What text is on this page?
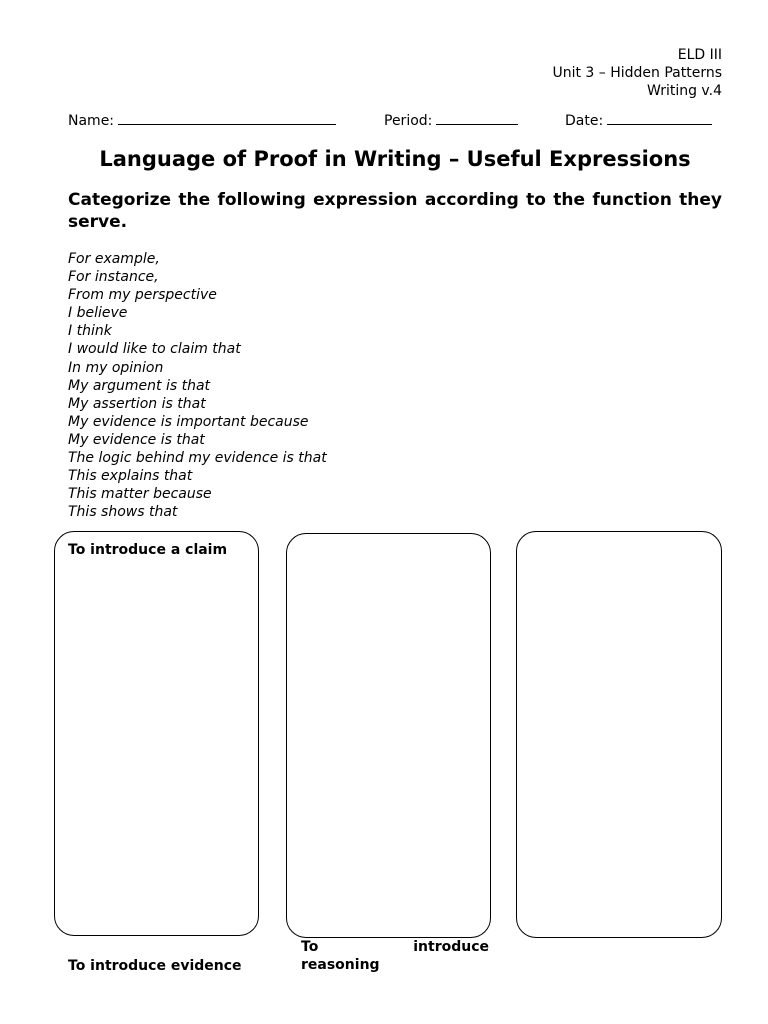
ELD III
Unit 3 – Hidden Patterns
Writing v.4
Name:	Period:	Date:
Language of Proof in Writing – Useful Expressions
Categorize the following expression according to the function they serve.
For example,
For instance,
From my perspective
I believe
I think
I would like to claim that
In my opinion
My argument is that
My assertion is that
My evidence is important because
My evidence is that
The logic behind my evidence is that
This explains that
This matter because
This shows that
To introduce a claim
To introduce evidence
To	introduce
reasoning
